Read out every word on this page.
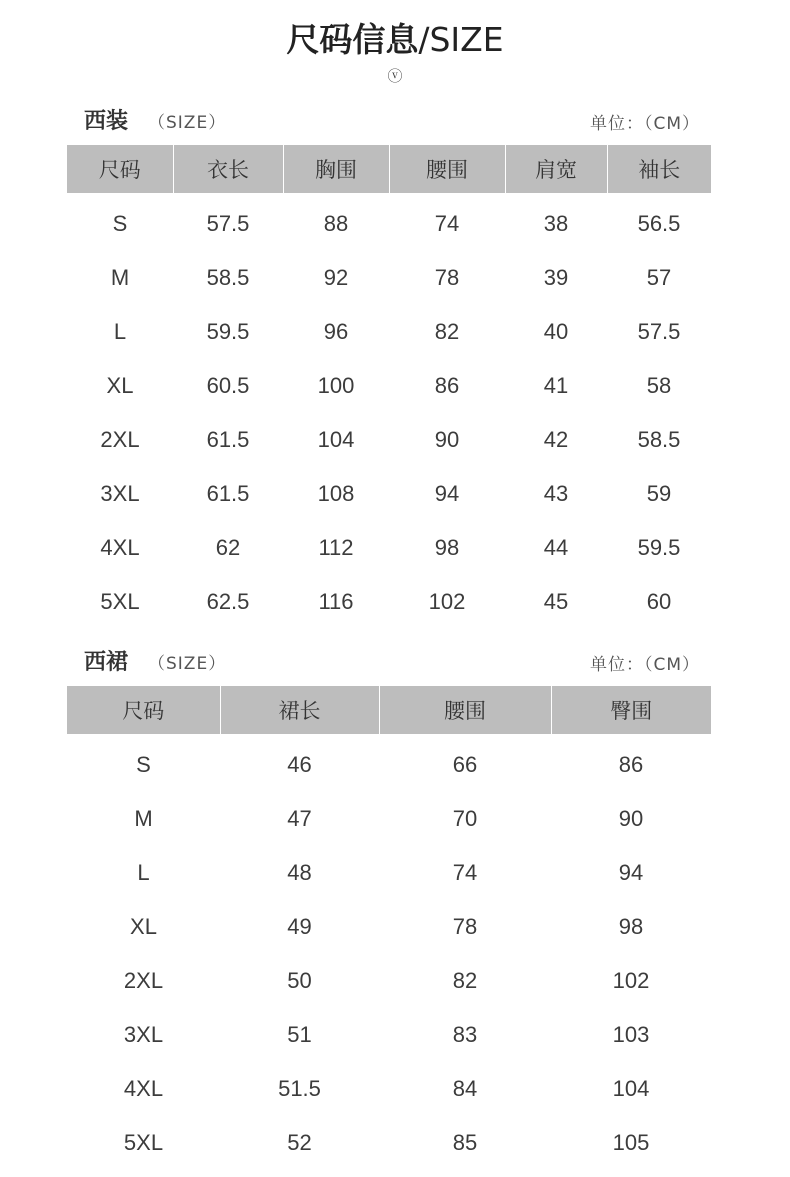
尺码信息/SIZE
ⓥ
西装 （SIZE）	单位：（CM）
尺码	衣长	胸围	腰围	肩宽	袖长
S	57.5	88	74	38	56.5
M	58.5	92	78	39	57
L	59.5	96	82	40	57.5
XL	60.5	100	86	41	58
2XL	61.5	104	90	42	58.5
3XL	61.5	108	94	43	59
4XL	62	112	98	44	59.5
5XL	62.5	116	102	45	60
西裙 （SIZE）	单位：（CM）
尺码	裙长	腰围	臀围
S	46	66	86
M	47	70	90
L	48	74	94
XL	49	78	98
2XL	50	82	102
3XL	51	83	103
4XL	51.5	84	104
5XL	52	85	105
